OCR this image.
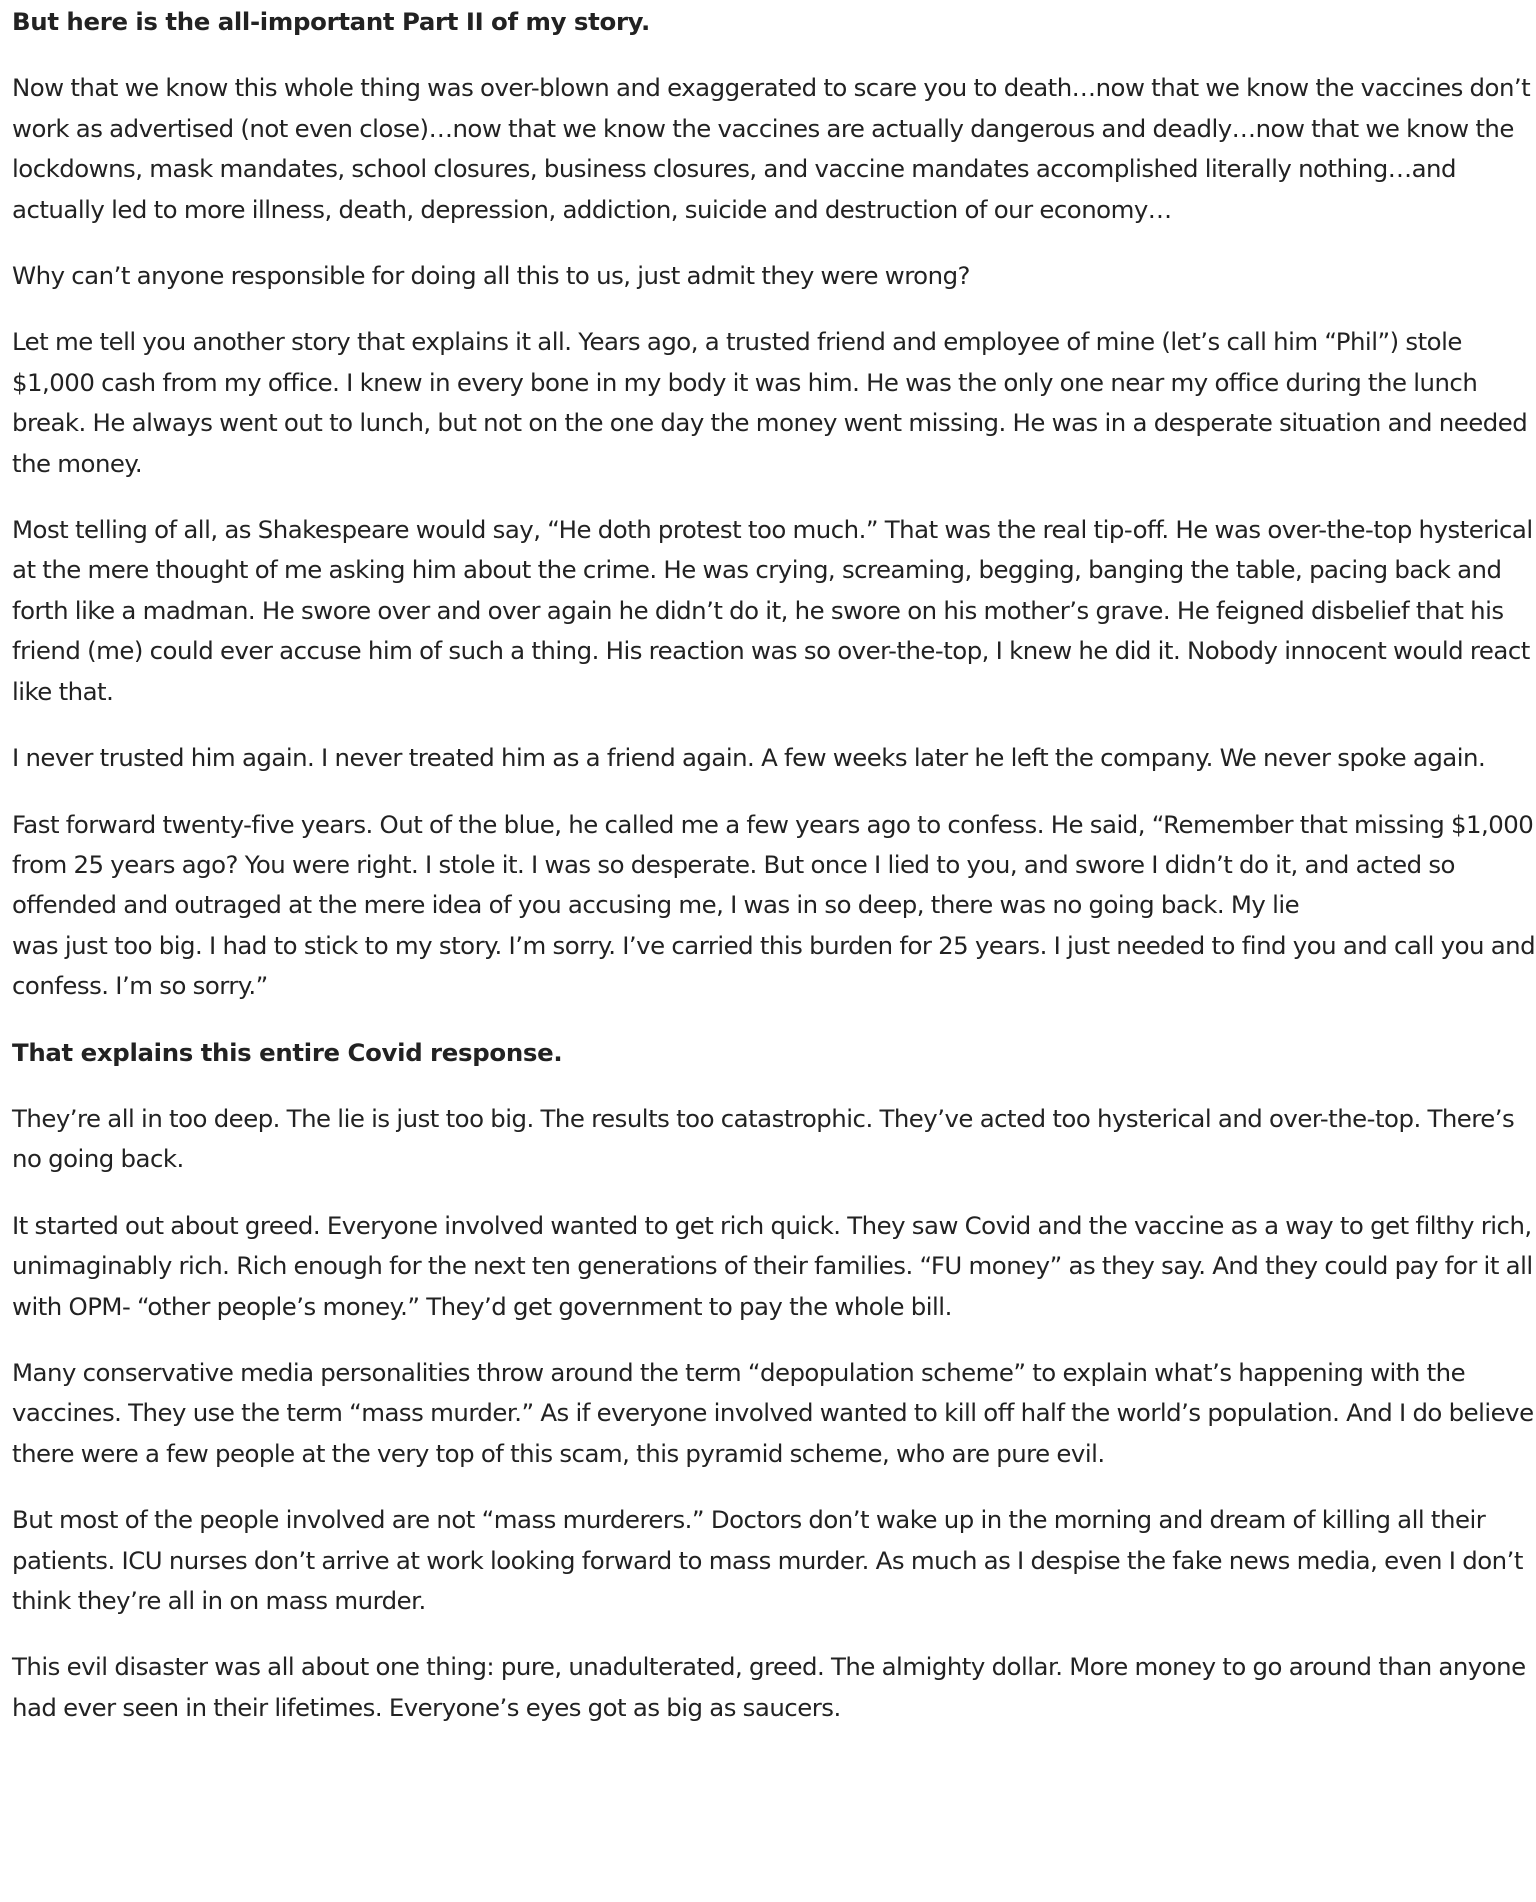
But here is the all-important Part II of my story.

Now that we know this whole thing was over-blown and exaggerated to scare you to death…now that we know the vaccines don’t work as advertised (not even close)…now that we know the vaccines are actually dangerous and deadly…now that we know the lockdowns, mask mandates, school closures, business closures, and vaccine mandates accomplished literally nothing…and actually led to more illness, death, depression, addiction, suicide and destruction of our economy…

Why can’t anyone responsible for doing all this to us, just admit they were wrong?

Let me tell you another story that explains it all. Years ago, a trusted friend and employee of mine (let’s call him “Phil”) stole $1,000 cash from my office. I knew in every bone in my body it was him. He was the only one near my office during the lunch break. He always went out to lunch, but not on the one day the money went missing. He was in a desperate situation and needed the money.

Most telling of all, as Shakespeare would say, “He doth protest too much.” That was the real tip-off. He was over-the-top hysterical at the mere thought of me asking him about the crime. He was crying, screaming, begging, banging the table, pacing back and forth like a madman. He swore over and over again he didn’t do it, he swore on his mother’s grave. He feigned disbelief that his friend (me) could ever accuse him of such a thing. His reaction was so over-the-top, I knew he did it. Nobody innocent would react like that.

I never trusted him again. I never treated him as a friend again. A few weeks later he left the company. We never spoke again.

Fast forward twenty-five years. Out of the blue, he called me a few years ago to confess. He said, “Remember that missing $1,000 from 25 years ago? You were right. I stole it. I was so desperate. But once I lied to you, and swore I didn’t do it, and acted so offended and outraged at the mere idea of you accusing me, I was in so deep, there was no going back. My lie
was just too big. I had to stick to my story. I’m sorry. I’ve carried this burden for 25 years. I just needed to find you and call you and confess. I’m so sorry.”

That explains this entire Covid response.

They’re all in too deep. The lie is just too big. The results too catastrophic. They’ve acted too hysterical and over-the-top. There’s no going back.

It started out about greed. Everyone involved wanted to get rich quick. They saw Covid and the vaccine as a way to get filthy rich, unimaginably rich. Rich enough for the next ten generations of their families. “FU money” as they say. And they could pay for it all with OPM- “other people’s money.” They’d get government to pay the whole bill.

Many conservative media personalities throw around the term “depopulation scheme” to explain what’s happening with the vaccines. They use the term “mass murder.” As if everyone involved wanted to kill off half the world’s population. And I do believe there were a few people at the very top of this scam, this pyramid scheme, who are pure evil.

But most of the people involved are not “mass murderers.” Doctors don’t wake up in the morning and dream of killing all their patients. ICU nurses don’t arrive at work looking forward to mass murder. As much as I despise the fake news media, even I don’t think they’re all in on mass murder.

This evil disaster was all about one thing: pure, unadulterated, greed. The almighty dollar. More money to go around than anyone had ever seen in their lifetimes. Everyone’s eyes got as big as saucers.
